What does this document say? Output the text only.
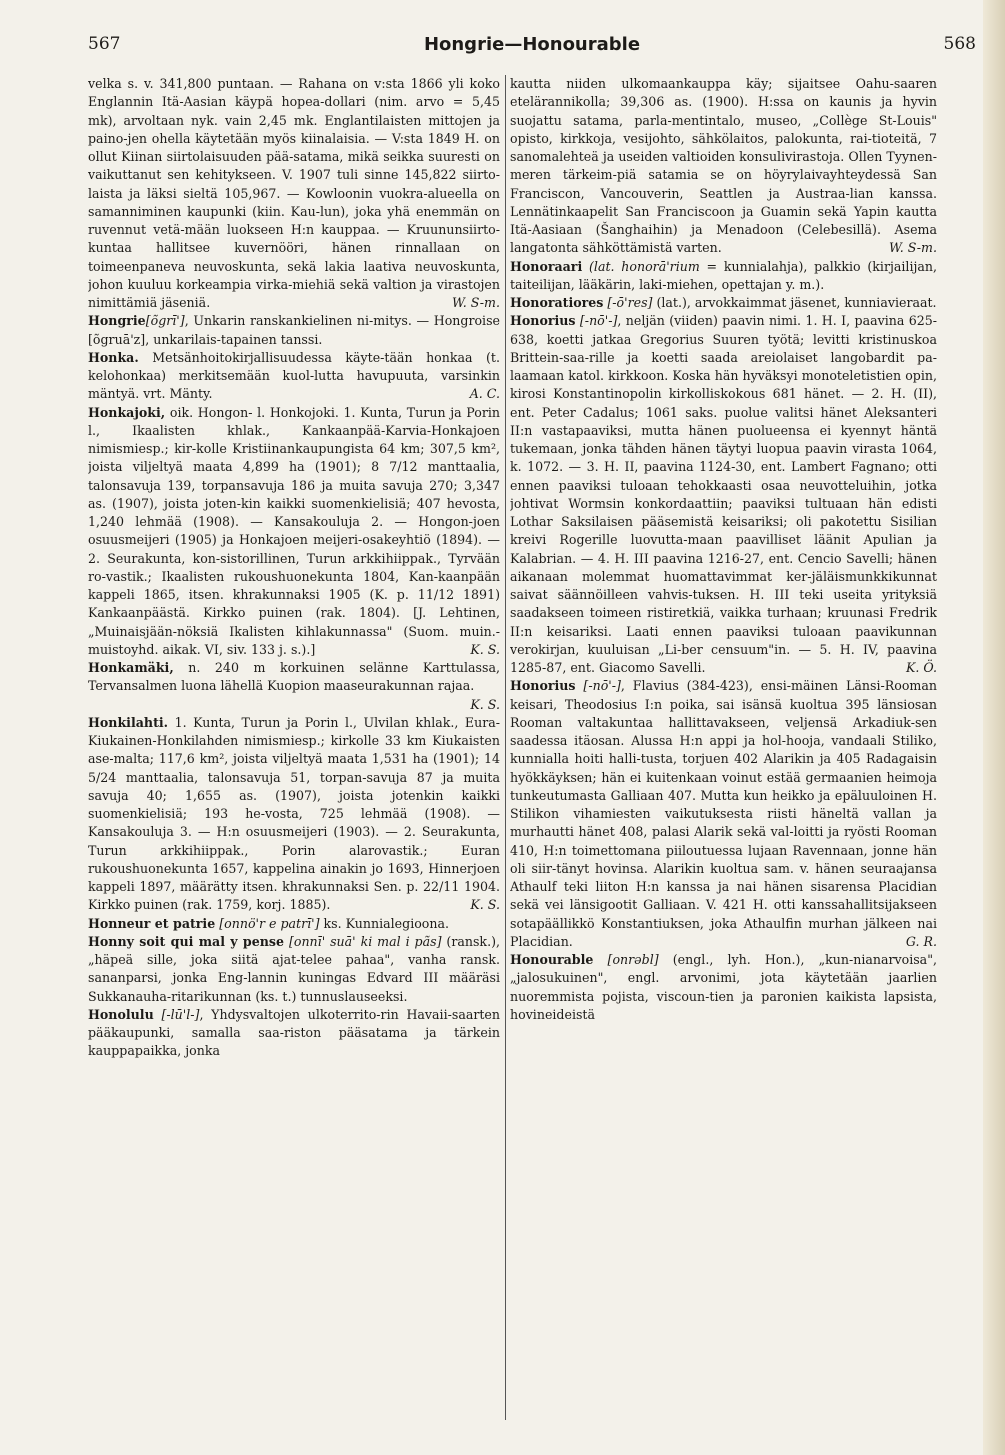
567	Hongrie—Honourable	568

velka s. v. 341,800 puntaan. — Rahana on v:sta 1866 yli koko Englannin Itä-Aasian käypä hopea-dollari (nim. arvo = 5,45 mk), arvoltaan nyk. vain 2,45 mk. Englantilaisten mittojen ja paino-jen ohella käytetään myös kiinalaisia. — V:sta 1849 H. on ollut Kiinan siirtolaisuuden pää-satama, mikä seikka suuresti on vaikuttanut sen kehitykseen. V. 1907 tuli sinne 145,822 siirto-laista ja läksi sieltä 105,967. — Kowloonin vuokra-alueella on samanniminen kaupunki (kiin. Kau-lun), joka yhä enemmän on ruvennut vetä-mään luokseen H:n kauppaa. — Kruununsiirto-kuntaa hallitsee kuvernööri, hänen rinnallaan on toimeenpaneva neuvoskunta, sekä lakia laativa neuvoskunta, johon kuuluu korkeampia virka-miehiä sekä valtion ja virastojen nimittämiä jäseniä.	W. S-m.

Hongrie[õgrī'], Unkarin ranskankielinen ni-mitys. — Hongroise [õgruā'z], unkarilais-tapainen tanssi.

Honka. Metsänhoitokirjallisuudessa käyte-tään honkaa (t. kelohonkaa) merkitsemään kuol-lutta havupuuta, varsinkin mäntyä. vrt. Mänty.	A. C.

Honkajoki, oik. Hongon- l. Honkojoki. 1. Kunta, Turun ja Porin l., Ikaalisten khlak., Kankaanpää-Karvia-Honkajoen nimismiesp.; kir-kolle Kristiinankaupungista 64 km; 307,5 km², joista viljeltyä maata 4,899 ha (1901); 8 7/12 manttaalia, talonsavuja 139, torpansavuja 186 ja muita savuja 270; 3,347 as. (1907), joista joten-kin kaikki suomenkielisiä; 407 hevosta, 1,240 lehmää (1908). — Kansakouluja 2. — Hongon-joen osuusmeijeri (1905) ja Honkajoen meijeri-osakeyhtiö (1894). — 2. Seurakunta, kon-sistorillinen, Turun arkkihiippak., Tyrvään ro-vastik.; Ikaalisten rukoushuonekunta 1804, Kan-kaanpään kappeli 1865, itsen. khrakunnaksi 1905 (K. p. 11/12 1891) Kankaanpäästä. Kirkko puinen (rak. 1804). [J. Lehtinen, „Muinaisjään-nöksiä Ikalisten kihlakunnassa" (Suom. muin.-muistoyhd. aikak. VI, siv. 133 j. s.).]	K. S.

Honkamäki, n. 240 m korkuinen selänne Karttulassa, Tervansalmen luona lähellä Kuopion maaseurakunnan rajaa.
K. S.

Honkilahti. 1. Kunta, Turun ja Porin l., Ulvilan khlak., Eura-Kiukainen-Honkilahden nimismiesp.; kirkolle 33 km Kiukaisten ase-malta; 117,6 km², joista viljeltyä maata 1,531 ha (1901); 14 5/24 manttaalia, talonsavuja 51, torpan-savuja 87 ja muita savuja 40; 1,655 as. (1907), joista jotenkin kaikki suomenkielisiä; 193 he-vosta, 725 lehmää (1908). — Kansakouluja 3. — H:n osuusmeijeri (1903). — 2. Seurakunta, Turun arkkihiippak., Porin alarovastik.; Euran rukoushuonekunta 1657, kappelina ainakin jo 1693, Hinnerjoen kappeli 1897, määrätty itsen. khrakunnaksi Sen. p. 22/11 1904. Kirkko puinen (rak. 1759, korj. 1885).	K. S.

Honneur et patrie [onnö'r e patrī'] ks. Kunnialegioona.

Honny soit qui mal y pense [onnī' suā' ki mal i pãs] (ransk.), „häpeä sille, joka siitä ajat-telee pahaa", vanha ransk. sananparsi, jonka Eng-lannin kuningas Edvard III määräsi Sukkanauha-ritarikunnan (ks. t.) tunnuslauseeksi.

Honolulu [-lū'l-], Yhdysvaltojen ulkoterrito-rin Havaii-saarten pääkaupunki, samalla saa-riston pääsatama ja tärkein kauppapaikka, jonka

kautta niiden ulkomaankauppa käy; sijaitsee Oahu-saaren etelärannikolla; 39,306 as. (1900). H:ssa on kaunis ja hyvin suojattu satama, parla-mentintalo, museo, „Collège St-Louis" opisto, kirkkoja, vesijohto, sähkölaitos, palokunta, rai-tioteitä, 7 sanomalehteä ja useiden valtioiden konsulivirastoja. Ollen Tyynen-meren tärkeim-piä satamia se on höyrylaivayhteydessä San Franciscon, Vancouverin, Seattlen ja Austraa-lian kanssa. Lennätinkaapelit San Franciscoon ja Guamin sekä Yapin kautta Itä-Aasiaan (Šanghaihin) ja Menadoon (Celebesillä). Asema langatonta sähköttämistä varten.	W. S-m.

Honoraari (lat. honorā'rium = kunnialahja), palkkio (kirjailijan, taiteilijan, lääkärin, laki-miehen, opettajan y. m.).

Honoratiores [-ō'res] (lat.), arvokkaimmat jäsenet, kunniavieraat.

Honorius [-nō'-], neljän (viiden) paavin nimi. 1. H. I, paavina 625-638, koetti jatkaa Gregorius Suuren työtä; levitti kristinuskoa Brittein-saa-rille ja koetti saada areiolaiset langobardit pa-laamaan katol. kirkkoon. Koska hän hyväksyi monoteletistien opin, kirosi Konstantinopolin kirkolliskokous 681 hänet. — 2. H. (II), ent. Peter Cadalus; 1061 saks. puolue valitsi hänet Aleksanteri II:n vastapaaviksi, mutta hänen puolueensa ei kyennyt häntä tukemaan, jonka tähden hänen täytyi luopua paavin virasta 1064, k. 1072. — 3. H. II, paavina 1124-30, ent. Lambert Fagnano; otti ennen paaviksi tuloaan tehokkaasti osaa neuvotteluihin, jotka johtivat Wormsin konkordaattiin; paaviksi tultuaan hän edisti Lothar Saksilaisen pääsemistä keisariksi; oli pakotettu Sisilian kreivi Rogerille luovutta-maan paavilliset läänit Apulian ja Kalabrian. — 4. H. III paavina 1216-27, ent. Cencio Savelli; hänen aikanaan molemmat huomattavimmat ker-jäläismunkkikunnat saivat säännöilleen vahvis-tuksen. H. III teki useita yrityksiä saadakseen toimeen ristiretkiä, vaikka turhaan; kruunasi Fredrik II:n keisariksi. Laati ennen paaviksi tuloaan paavikunnan verokirjan, kuuluisan „Li-ber censuum"in. — 5. H. IV, paavina 1285-87, ent. Giacomo Savelli.	K. Ö.

Honorius [-nō'-], Flavius (384-423), ensi-mäinen Länsi-Rooman keisari, Theodosius I:n poika, sai isänsä kuoltua 395 länsiosan Rooman valtakuntaa hallittavakseen, veljensä Arkadiuk-sen saadessa itäosan. Alussa H:n appi ja hol-hooja, vandaali Stiliko, kunnialla hoiti halli-tusta, torjuen 402 Alarikin ja 405 Radagaisin hyökkäyksen; hän ei kuitenkaan voinut estää germaanien heimoja tunkeutumasta Galliaan 407. Mutta kun heikko ja epäluuloinen H. Stilikon vihamiesten vaikutuksesta riisti häneltä vallan ja murhautti hänet 408, palasi Alarik sekä val-loitti ja ryösti Rooman 410, H:n toimettomana piiloutuessa lujaan Ravennaan, jonne hän oli siir-tänyt hovinsa. Alarikin kuoltua sam. v. hänen seuraajansa Athaulf teki liiton H:n kanssa ja nai hänen sisarensa Placidian sekä vei länsigootit Galliaan. V. 421 H. otti kanssahallitsijakseen sotapäällikkö Konstantiuksen, joka Athaulfin murhan jälkeen nai Placidian.	G. R.

Honourable [onrəbl] (engl., lyh. Hon.), „kun-nianarvoisa", „jalosukuinen", engl. arvonimi, jota käytetään jaarlien nuoremmista pojista, viscoun-tien ja paronien kaikista lapsista, hovineideistä
